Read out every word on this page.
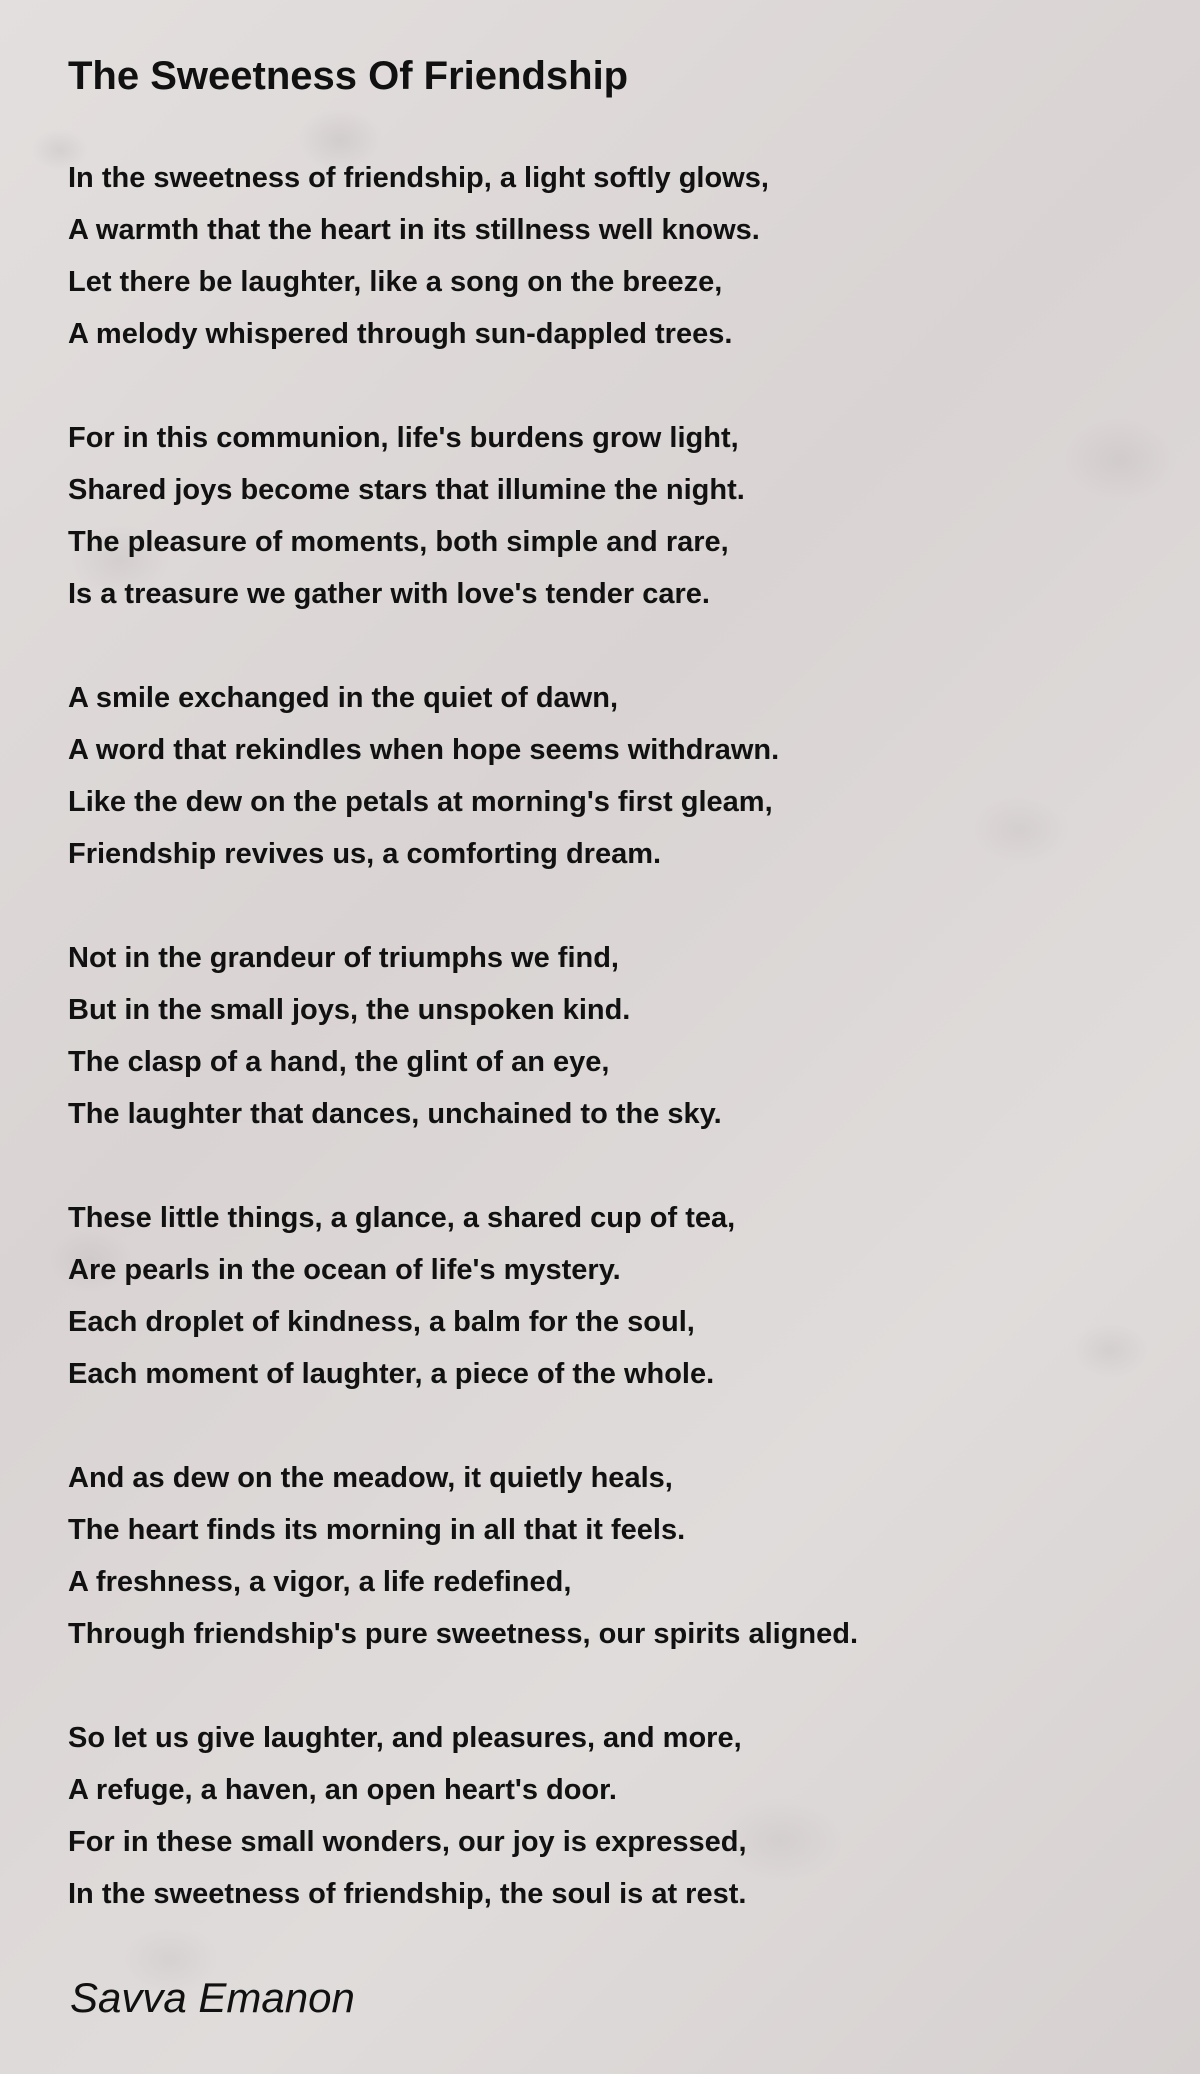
The Sweetness Of Friendship
In the sweetness of friendship, a light softly glows,
A warmth that the heart in its stillness well knows.
Let there be laughter, like a song on the breeze,
A melody whispered through sun-dappled trees.
For in this communion, life's burdens grow light,
Shared joys become stars that illumine the night.
The pleasure of moments, both simple and rare,
Is a treasure we gather with love's tender care.
A smile exchanged in the quiet of dawn,
A word that rekindles when hope seems withdrawn.
Like the dew on the petals at morning's first gleam,
Friendship revives us, a comforting dream.
Not in the grandeur of triumphs we find,
But in the small joys, the unspoken kind.
The clasp of a hand, the glint of an eye,
The laughter that dances, unchained to the sky.
These little things, a glance, a shared cup of tea,
Are pearls in the ocean of life's mystery.
Each droplet of kindness, a balm for the soul,
Each moment of laughter, a piece of the whole.
And as dew on the meadow, it quietly heals,
The heart finds its morning in all that it feels.
A freshness, a vigor, a life redefined,
Through friendship's pure sweetness, our spirits aligned.
So let us give laughter, and pleasures, and more,
A refuge, a haven, an open heart's door.
For in these small wonders, our joy is expressed,
In the sweetness of friendship, the soul is at rest.

Savva Emanon
